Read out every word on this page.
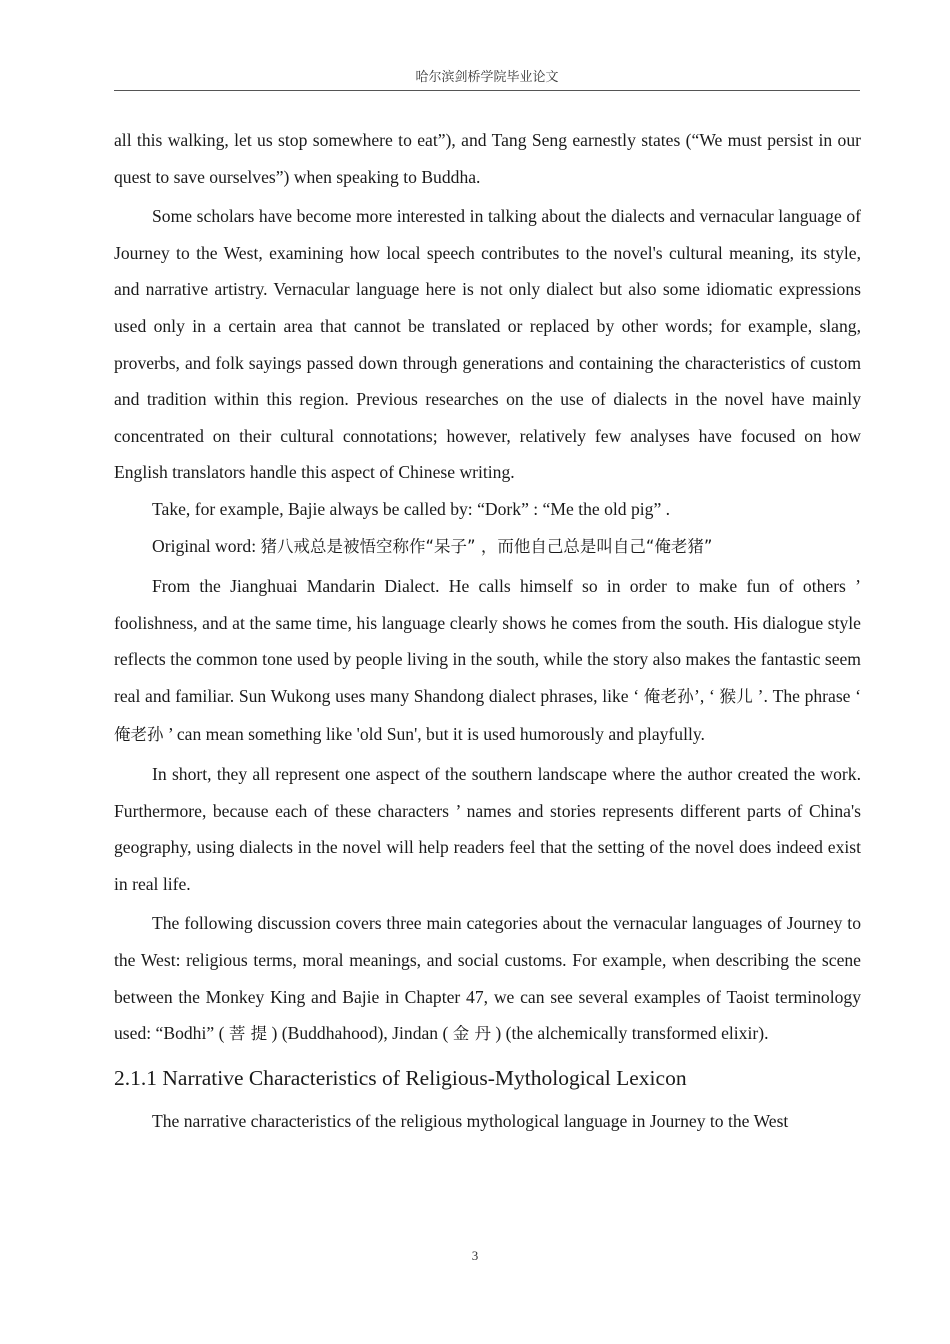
哈尔滨剑桥学院毕业论文

all this walking, let us stop somewhere to eat”), and Tang Seng earnestly states (“We must persist in our quest to save ourselves”) when speaking to Buddha.

Some scholars have become more interested in talking about the dialects and vernacular language of Journey to the West, examining how local speech contributes to the novel's cultural meaning, its style, and narrative artistry. Vernacular language here is not only dialect but also some idiomatic expressions used only in a certain area that cannot be translated or replaced by other words; for example, slang, proverbs, and folk sayings passed down through generations and containing the characteristics of custom and tradition within this region. Previous researches on the use of dialects in the novel have mainly concentrated on their cultural connotations; however, relatively few analyses have focused on how English translators handle this aspect of Chinese writing.

Take, for example, Bajie always be called by: “Dork” : “Me the old pig” .

Original word: 猪八戒总是被悟空称作“呆子” ，而他自己总是叫自己“俺老猪”

From the Jianghuai Mandarin Dialect. He calls himself so in order to make fun of others ’ foolishness, and at the same time, his language clearly shows he comes from the south. His dialogue style reflects the common tone used by people living in the south, while the story also makes the fantastic seem real and familiar. Sun Wukong uses many Shandong dialect phrases, like ‘ 俺老孙’, ‘ 猴儿 ’. The phrase ‘ 俺老孙 ’ can mean something like 'old Sun', but it is used humorously and playfully.

In short, they all represent one aspect of the southern landscape where the author created the work. Furthermore, because each of these characters ’ names and stories represents different parts of China's geography, using dialects in the novel will help readers feel that the setting of the novel does indeed exist in real life.

The following discussion covers three main categories about the vernacular languages of Journey to the West: religious terms, moral meanings, and social customs. For example, when describing the scene between the Monkey King and Bajie in Chapter 47, we can see several examples of Taoist terminology used: “Bodhi” ( 菩 提 ) (Buddhahood), Jindan ( 金 丹 ) (the alchemically transformed elixir).

2.1.1 Narrative Characteristics of Religious-Mythological Lexicon

The narrative characteristics of the religious mythological language in Journey to the West

3
